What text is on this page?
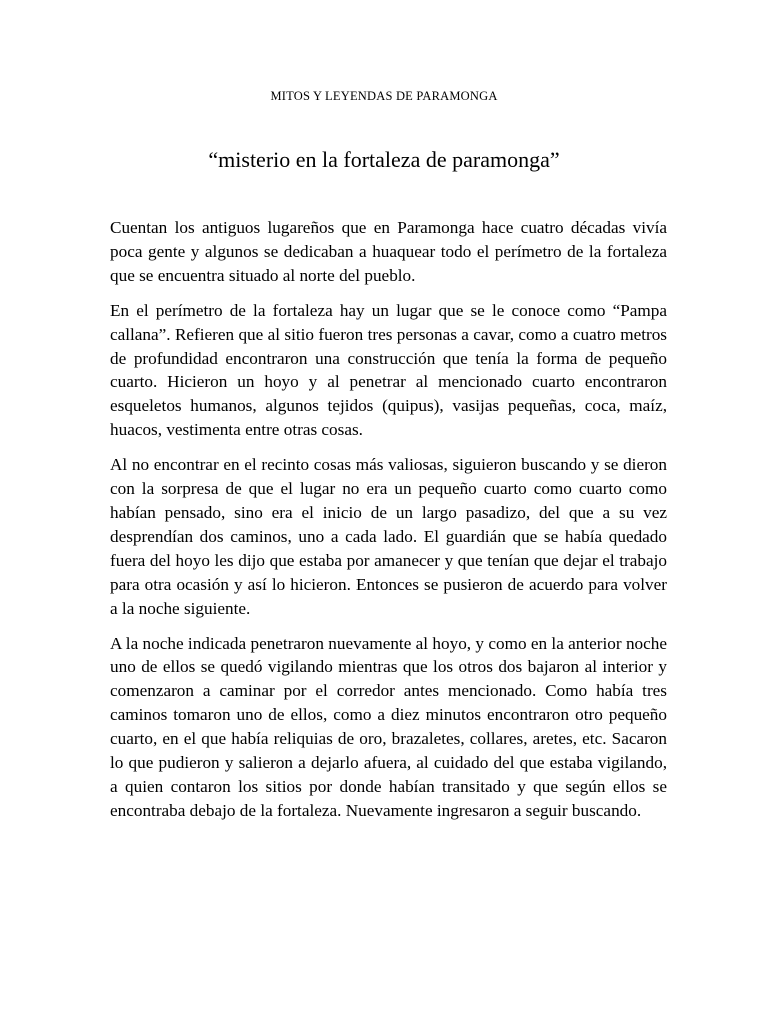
MITOS Y LEYENDAS DE PARAMONGA
“misterio en la fortaleza de paramonga”

Cuentan los antiguos lugareños que en Paramonga hace cuatro décadas vivía poca gente y algunos se dedicaban a huaquear todo el perímetro de la fortaleza que se encuentra situado al norte del pueblo.

En el perímetro de la fortaleza hay un lugar que se le conoce como “Pampa callana”. Refieren que al sitio fueron tres personas a cavar, como a cuatro metros de profundidad encontraron una construcción que tenía la forma de pequeño cuarto. Hicieron un hoyo y al penetrar al mencionado cuarto encontraron esqueletos humanos, algunos tejidos (quipus), vasijas pequeñas, coca, maíz, huacos, vestimenta entre otras cosas.

Al no encontrar en el recinto cosas más valiosas, siguieron buscando y se dieron con la sorpresa de que el lugar no era un pequeño cuarto como cuarto como habían pensado, sino era el inicio de un largo pasadizo, del que a su vez desprendían dos caminos, uno a cada lado. El guardián que se había quedado fuera del hoyo les dijo que estaba por amanecer y que tenían que dejar el trabajo para otra ocasión y así lo hicieron. Entonces se pusieron de acuerdo para volver a la noche siguiente.

A la noche indicada penetraron nuevamente al hoyo, y como en la anterior noche uno de ellos se quedó vigilando mientras que los otros dos bajaron al interior y comenzaron a caminar por el corredor antes mencionado. Como había tres caminos tomaron uno de ellos, como a diez minutos encontraron otro pequeño cuarto, en el que había reliquias de oro, brazaletes, collares, aretes, etc. Sacaron lo que pudieron y salieron a dejarlo afuera, al cuidado del que estaba vigilando, a quien contaron los sitios por donde habían transitado y que según ellos se encontraba debajo de la fortaleza. Nuevamente ingresaron a seguir buscando.
